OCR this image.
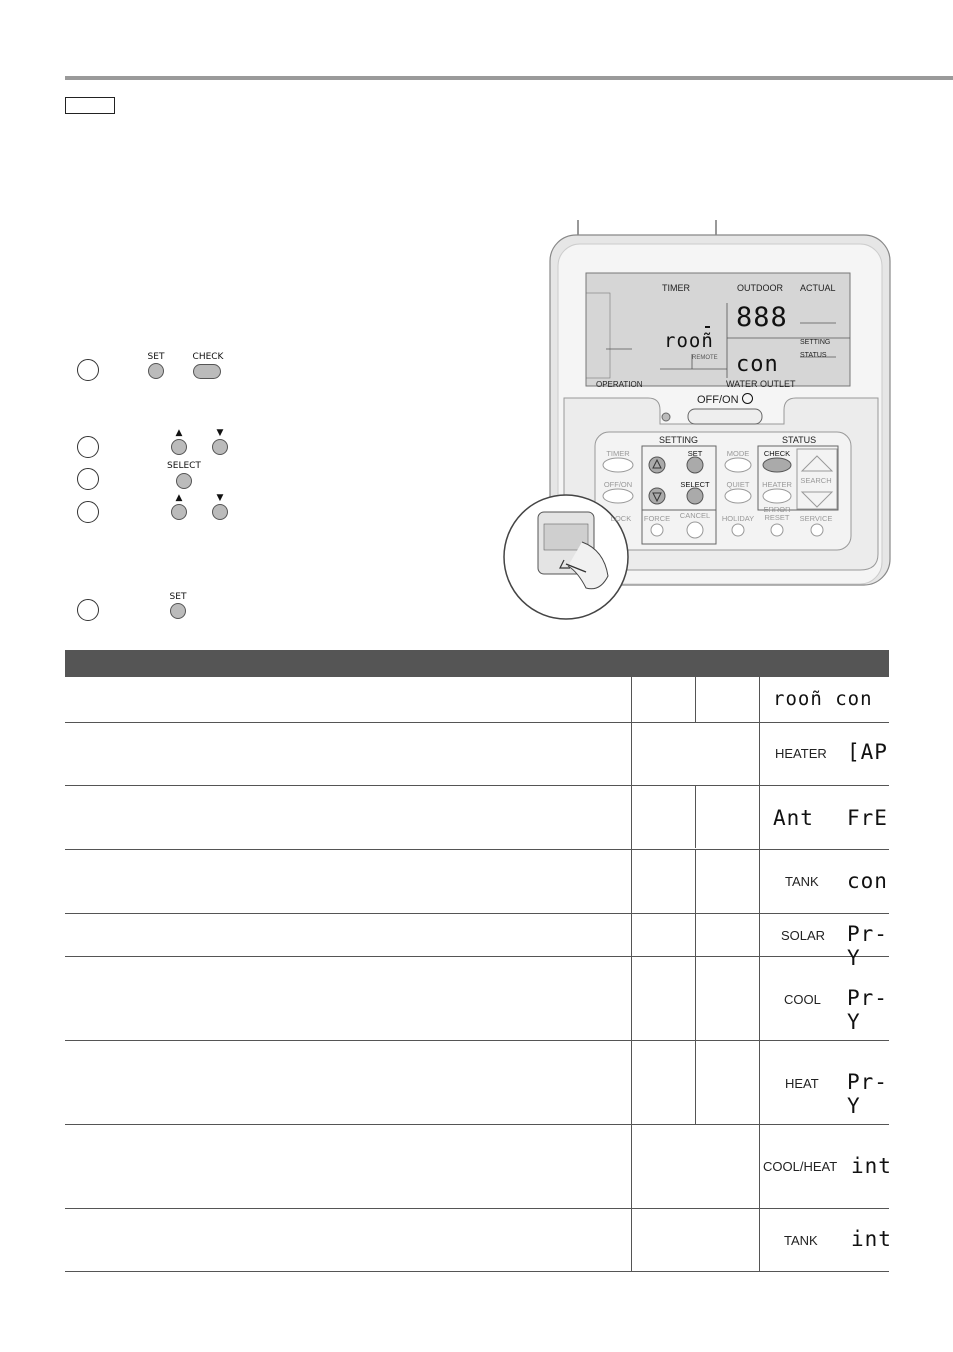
SET	CHECK
▲	▼
SELECT
▲	▼
SET
TIMER	OUTDOOR ACTUAL
888
rooñ
con
REMOTE
SETTING
STATUS
OPERATION	WATER OUTLET
OFF/ON
SETTING	STATUS
TIMER
OFF/ON
LOCK	FORCE	CANCEL
SET
SELECT
MODE
QUIET
HOLIDAY
CHECK
HEATER
ERROR RESET
SEARCH
SERVICE
rooñ con
HEATER [AP
Ant FrE
TANK con
SOLAR Pr-Y
COOL Pr-Y
HEAT Pr-Y
COOL/HEAT int
TANK int
